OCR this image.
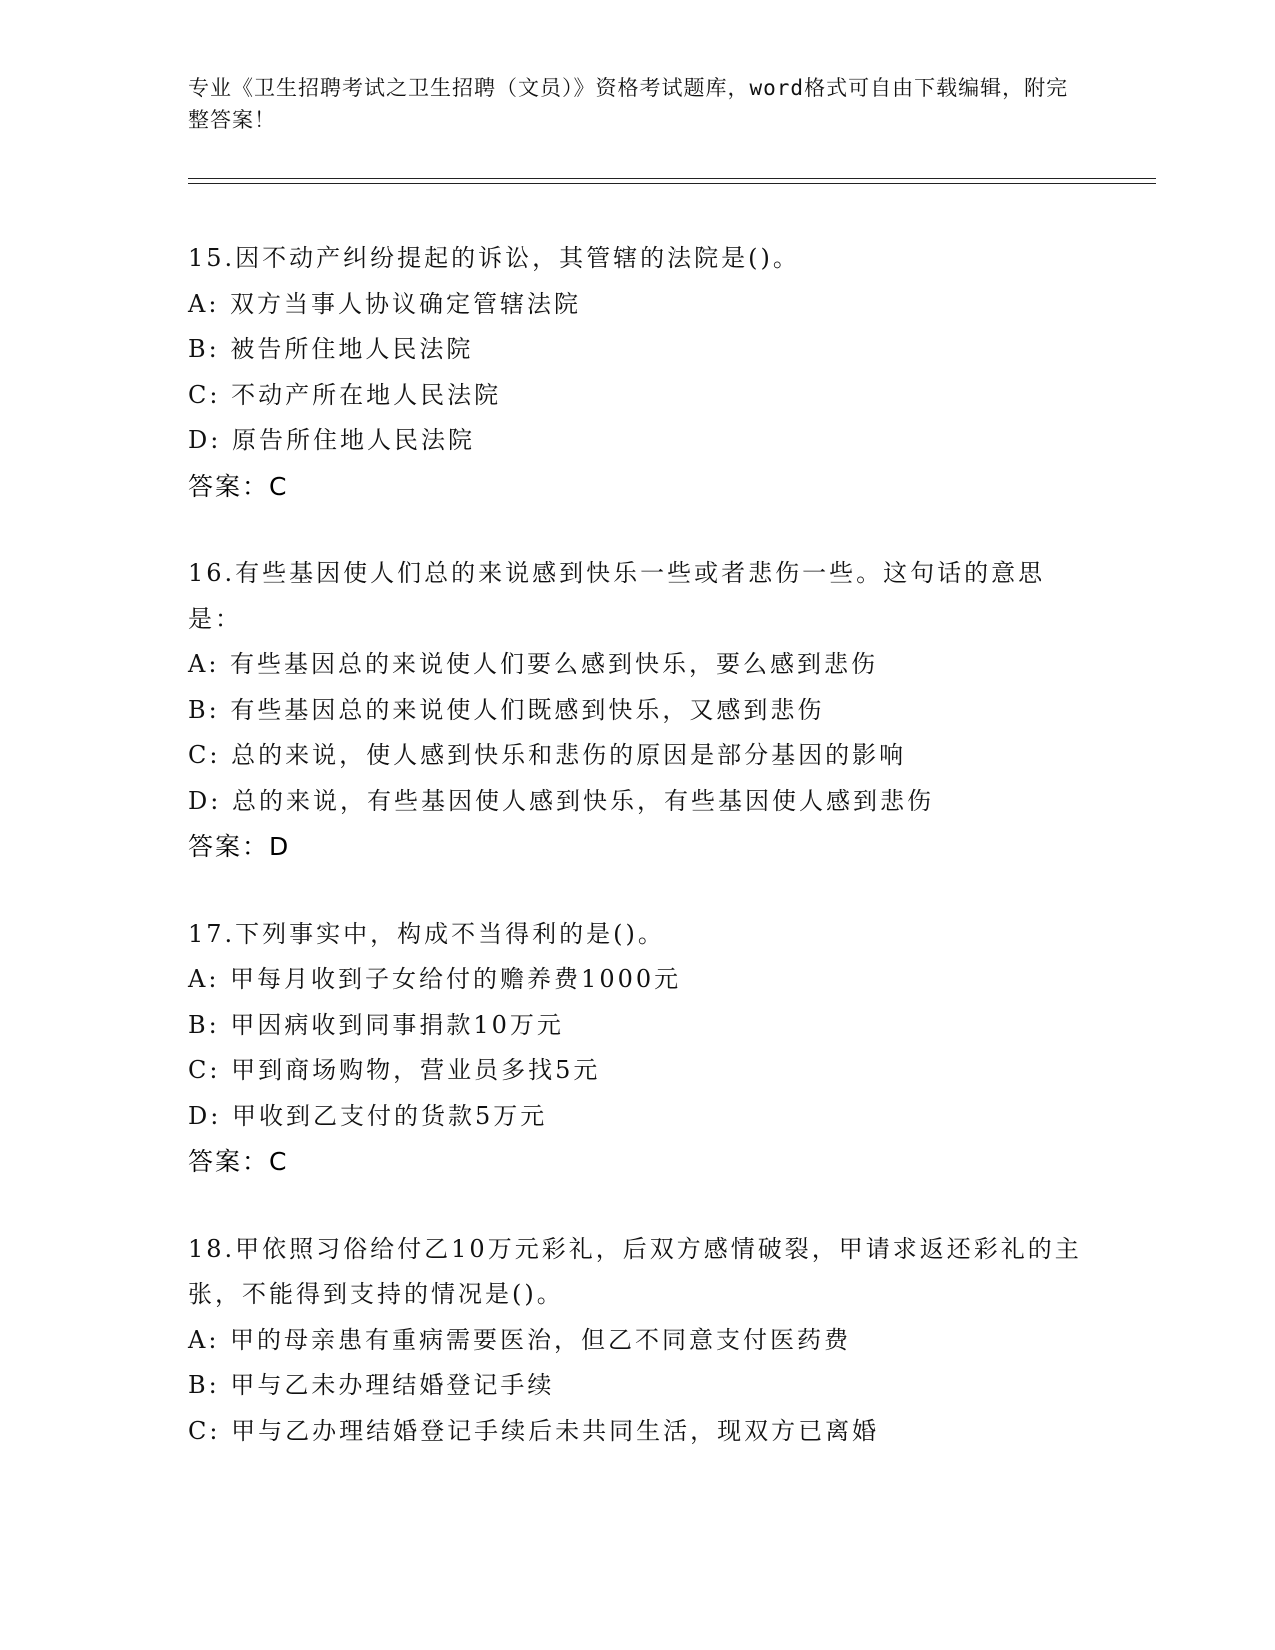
专业《卫生招聘考试之卫生招聘（文员）》资格考试题库，word格式可自由下载编辑，附完整答案！
15.因不动产纠纷提起的诉讼，其管辖的法院是()。
A: 双方当事人协议确定管辖法院
B: 被告所住地人民法院
C: 不动产所在地人民法院
D: 原告所住地人民法院
答案：C
16.有些基因使人们总的来说感到快乐一些或者悲伤一些。这句话的意思是：
A: 有些基因总的来说使人们要么感到快乐，要么感到悲伤
B: 有些基因总的来说使人们既感到快乐，又感到悲伤
C: 总的来说，使人感到快乐和悲伤的原因是部分基因的影响
D: 总的来说，有些基因使人感到快乐，有些基因使人感到悲伤
答案：D
17.下列事实中，构成不当得利的是()。
A: 甲每月收到子女给付的赡养费1000元
B: 甲因病收到同事捐款10万元
C: 甲到商场购物，营业员多找5元
D: 甲收到乙支付的货款5万元
答案：C
18.甲依照习俗给付乙10万元彩礼，后双方感情破裂，甲请求返还彩礼的主张，不能得到支持的情况是()。
A: 甲的母亲患有重病需要医治，但乙不同意支付医药费
B: 甲与乙未办理结婚登记手续
C: 甲与乙办理结婚登记手续后未共同生活，现双方已离婚
